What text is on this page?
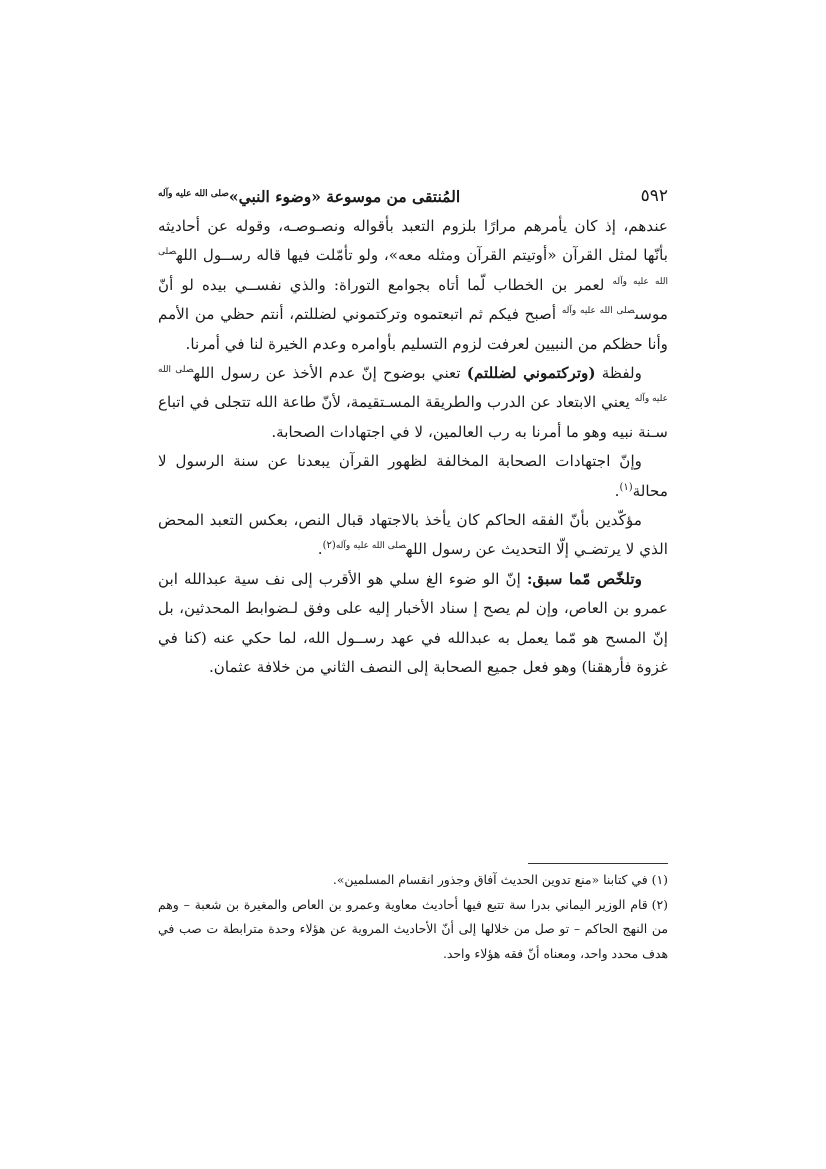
٥٩٢
المُنتقى من موسوعة «وضوء النبي»$^{صلى الله عليه وآله}$

عندهم، إذ كان يأمرهم مرارًا بلزوم التعبد بأقواله ونصـوصـه، وقوله عن أحاديثه بأنّها لمثل القرآن «أوتيتم القرآن ومثله معه»، ولو تأمّلت فيها قاله رســول الله$^{صلى الله عليه وآله}$ لعمر بن الخطاب لّما أتاه بجوامع التوراة: والذي نفســي بيده لو أنّ موسى$^{صلى الله عليه وآله}$ أصبح فيكم ثم اتبعتموه وتركتموني لضللتم، أنتم حظي من الأمم وأنا حظكم من النبيين لعرفت لزوم التسليم بأوامره وعدم الخيرة لنا في أمرنا.

ولفظة (وتركتموني لضللتم) تعني بوضوح إنّ عدم الأخذ عن رسول الله$^{صلى الله عليه وآله}$ يعني الابتعاد عن الدرب والطريقة المسـتقيمة، لأنّ طاعة الله تتجلى في اتباع سـنة نبيه وهو ما أمرنا به رب العالمين، لا في اجتهادات الصحابة.

وإنّ اجتهادات الصحابة المخالفة لظهور القرآن يبعدنا عن سنة الرسول لا محالة$^{(١)}$.

مؤكّدين بأنّ الفقه الحاكم كان يأخذ بالاجتهاد قبال النص، بعكس التعبد المحض الذي لا يرتضـي إلّا التحديث عن رسول الله$^{صلى الله عليه وآله(٢)}$.

وتلخّص مّما سبق: إنّ الو ضوء الغ سلي هو الأقرب إلى نف سية عبدالله ابن عمرو بن العاص، وإن لم يصح إ سناد الأخبار إليه على وفق لـضوابط المحدثين، بل إنّ المسح هو مّما يعمل به عبدالله في عهد رســول الله، لما حكي عنه (كنا في غزوة فأرهقنا) وهو فعل جميع الصحابة إلى النصف الثاني من خلافة عثمان.

(١)في كتابنا «منع تدوين الحديث آفاق وجذور انقسام المسلمين».

(٢)قام الوزير اليماني بدرا سة تتبع فيها أحاديث معاوية وعمرو بن العاص والمغيرة بن شعبة – وهم من النهج الحاكم – تو صل من خلالها إلى أنّ الأحاديث المروية عن هؤلاء وحدة مترابطة ت صب في هدف محدد واحد، ومعناه أنّ فقه هؤلاء واحد.
